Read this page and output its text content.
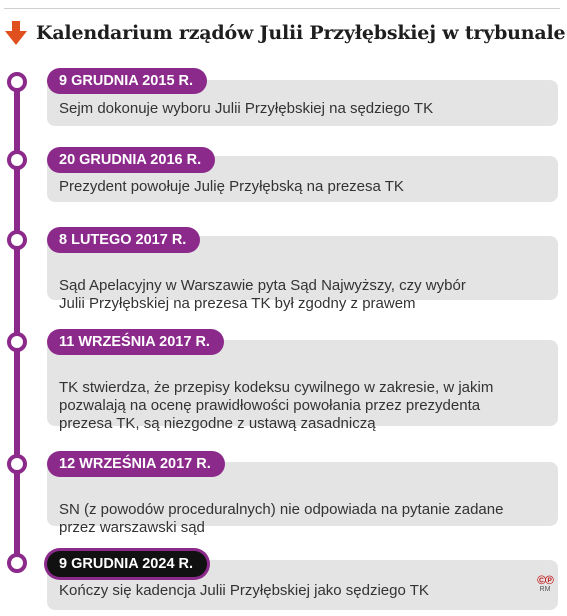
Kalendarium rządów Julii Przyłębskiej w trybunale
Sejm dokonuje wyboru Julii Przyłębskiej na sędziego TK
9 GRUDNIA 2015 R.
Prezydent powołuje Julię Przyłębską na prezesa TK
20 GRUDNIA 2016 R.

Sąd Apelacyjny w Warszawie pyta Sąd Najwyższy, czy wybór
Julii Przyłębskiej na prezesa TK był zgodny z prawem

8 LUTEGO 2017 R.

TK stwierdza, że przepisy kodeksu cywilnego w zakresie, w jakim
pozwalają na ocenę prawidłowości powołania przez prezydenta
prezesa TK, są niezgodne z ustawą zasadniczą

11 WRZEŚNIA 2017 R.

SN (z powodów proceduralnych) nie odpowiada na pytanie zadane
przez warszawski sąd

12 WRZEŚNIA 2017 R.
Kończy się kadencja Julii Przyłębskiej jako sędziego TK
9 GRUDNIA 2024 R.
©℗
RM
